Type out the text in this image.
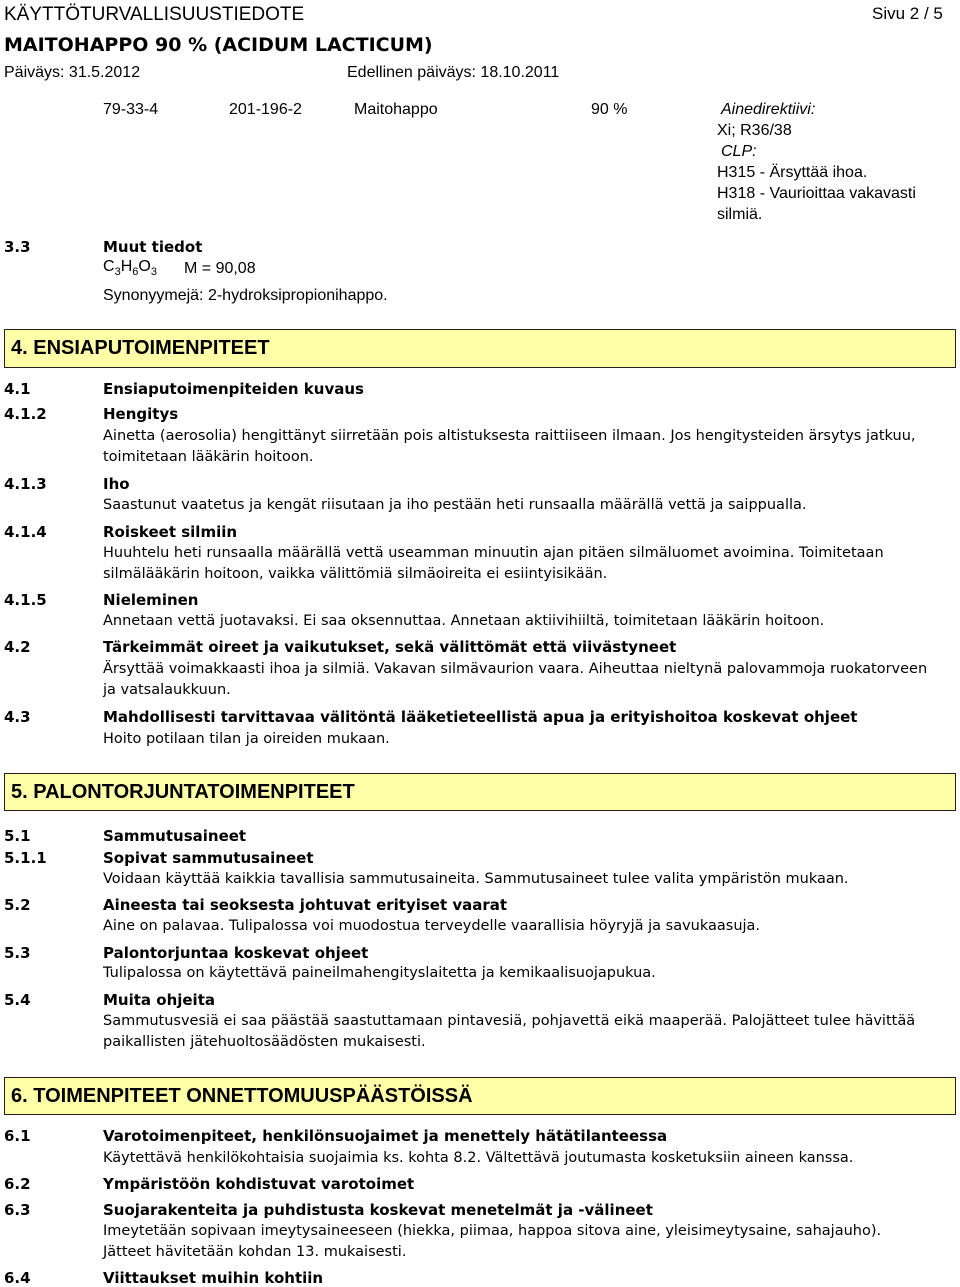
KÄYTTÖTURVALLISUUSTIEDOTE	Sivu 2 / 5
MAITOHAPPO 90 % (ACIDUM LACTICUM)
Päiväys: 31.5.2012	Edellinen päiväys: 18.10.2011
79-33-4	201-196-2	Maitohappo	90 %	Ainedirektiivi:
Xi; R36/38
CLP:
H315 - Ärsyttää ihoa.
H318 - Vaurioittaa vakavasti
silmiä.
3.3	Muut tiedot
$C_3H_6O_3$ M = 90,08
Synonyymejä: 2-hydroksipropionihappo.
4. ENSIAPUTOIMENPITEET
4.1	Ensiaputoimenpiteiden kuvaus
4.1.2	Hengitys
Ainetta (aerosolia) hengittänyt siirretään pois altistuksesta raittiiseen ilmaan. Jos hengitysteiden ärsytys jatkuu,
toimitetaan lääkärin hoitoon.
4.1.3	Iho
Saastunut vaatetus ja kengät riisutaan ja iho pestään heti runsaalla määrällä vettä ja saippualla.
4.1.4	Roiskeet silmiin
Huuhtelu heti runsaalla määrällä vettä useamman minuutin ajan pitäen silmäluomet avoimina. Toimitetaan
silmälääkärin hoitoon, vaikka välittömiä silmäoireita ei esiintyisikään.
4.1.5	Nieleminen
Annetaan vettä juotavaksi. Ei saa oksennuttaa. Annetaan aktiivihiiltä, toimitetaan lääkärin hoitoon.
4.2	Tärkeimmät oireet ja vaikutukset, sekä välittömät että viivästyneet
Ärsyttää voimakkaasti ihoa ja silmiä. Vakavan silmävaurion vaara. Aiheuttaa nieltynä palovammoja ruokatorveen
ja vatsalaukkuun.
4.3	Mahdollisesti tarvittavaa välitöntä lääketieteellistä apua ja erityishoitoa koskevat ohjeet
Hoito potilaan tilan ja oireiden mukaan.
5. PALONTORJUNTATOIMENPITEET
5.1	Sammutusaineet
5.1.1	Sopivat sammutusaineet
Voidaan käyttää kaikkia tavallisia sammutusaineita. Sammutusaineet tulee valita ympäristön mukaan.
5.2	Aineesta tai seoksesta johtuvat erityiset vaarat
Aine on palavaa. Tulipalossa voi muodostua terveydelle vaarallisia höyryjä ja savukaasuja.
5.3	Palontorjuntaa koskevat ohjeet
Tulipalossa on käytettävä paineilmahengityslaitetta ja kemikaalisuojapukua.
5.4	Muita ohjeita
Sammutusvesiä ei saa päästää saastuttamaan pintavesiä, pohjavettä eikä maaperää. Palojätteet tulee hävittää
paikallisten jätehuoltosäädösten mukaisesti.
6. TOIMENPITEET ONNETTOMUUSPÄÄSTÖISSÄ
6.1	Varotoimenpiteet, henkilönsuojaimet ja menettely hätätilanteessa
Käytettävä henkilökohtaisia suojaimia ks. kohta 8.2. Vältettävä joutumasta kosketuksiin aineen kanssa.
6.2	Ympäristöön kohdistuvat varotoimet
6.3	Suojarakenteita ja puhdistusta koskevat menetelmät ja -välineet
Imeytetään sopivaan imeytysaineeseen (hiekka, piimaa, happoa sitova aine, yleisimeytysaine, sahajauho).
Jätteet hävitetään kohdan 13. mukaisesti.
6.4	Viittaukset muihin kohtiin
